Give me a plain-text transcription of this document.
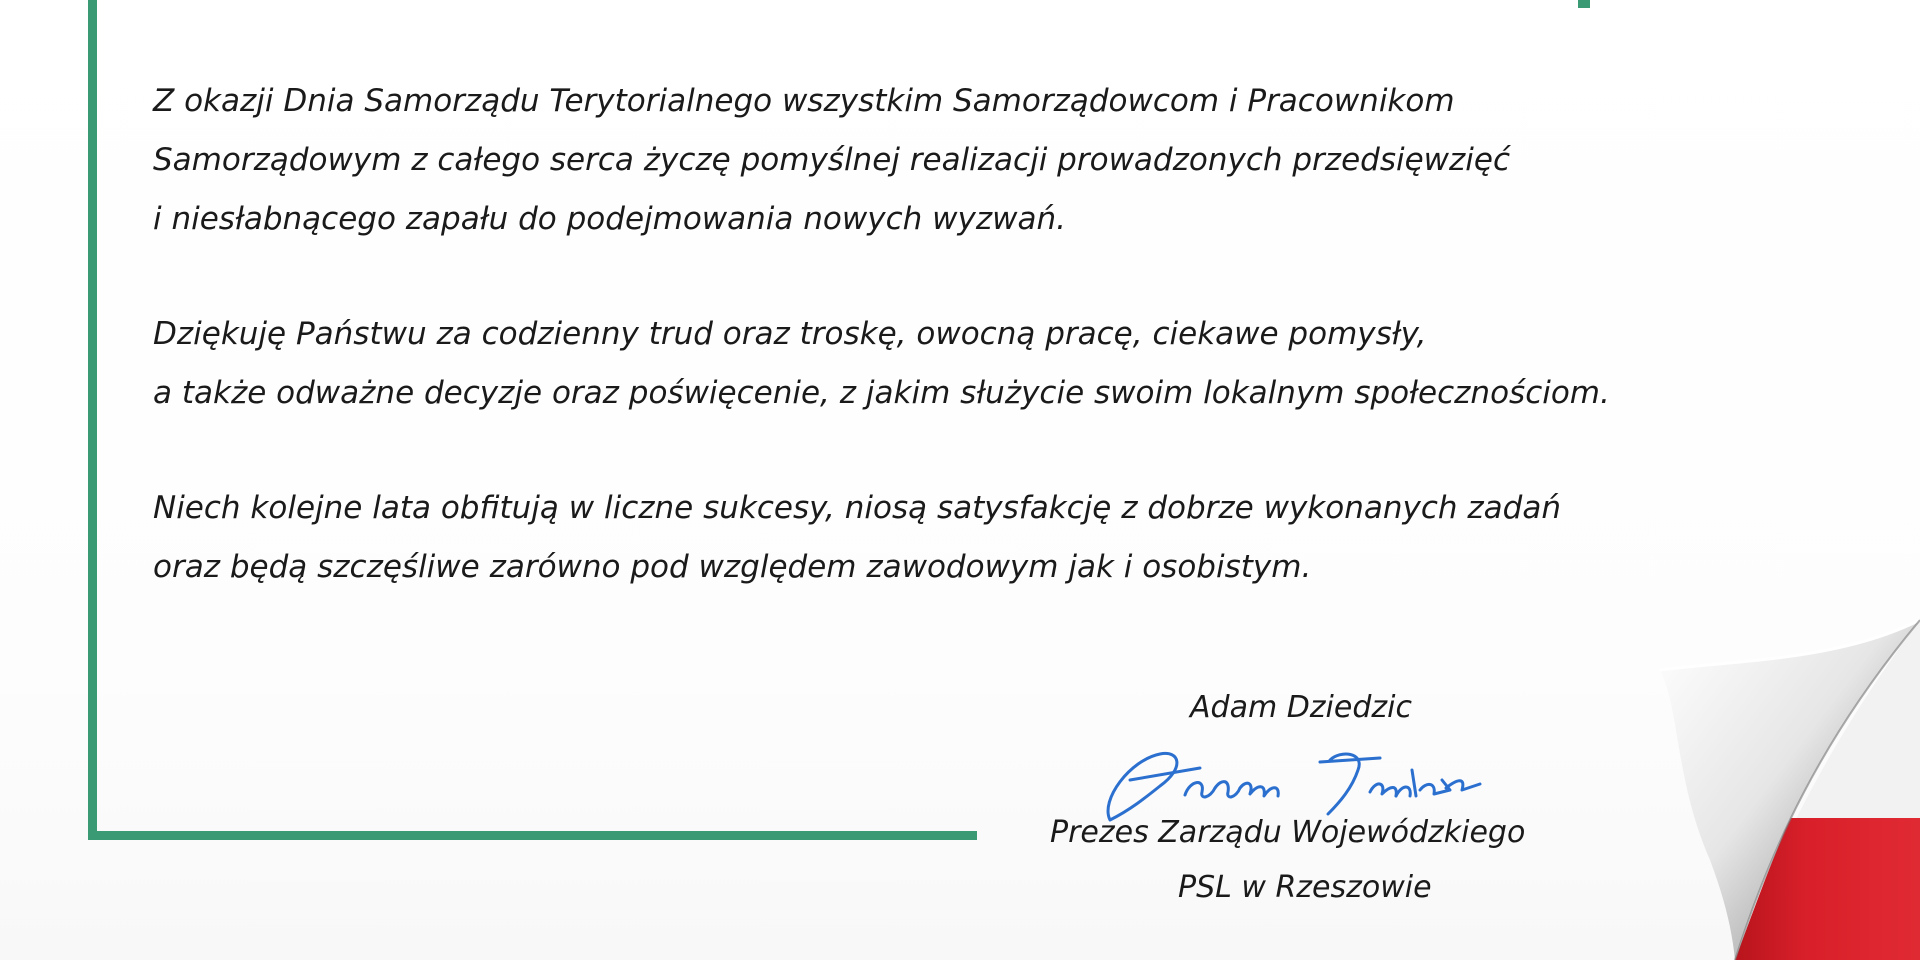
Z okazji Dnia Samorządu Terytorialnego wszystkim Samorządowcom i Pracownikom
Samorządowym z całego serca życzę pomyślnej realizacji prowadzonych przedsięwzięć
i niesłabnącego zapału do podejmowania nowych wyzwań.

Dziękuję Państwu za codzienny trud oraz troskę, owocną pracę, ciekawe pomysły,
a także odważne decyzje oraz poświęcenie, z jakim służycie swoim lokalnym społecznościom.

Niech kolejne lata obfitują w liczne sukcesy, niosą satysfakcję z dobrze wykonanych zadań
oraz będą szczęśliwe zarówno pod względem zawodowym jak i osobistym.

Adam Dziedzic
Prezes Zarządu Wojewódzkiego
PSL w Rzeszowie
